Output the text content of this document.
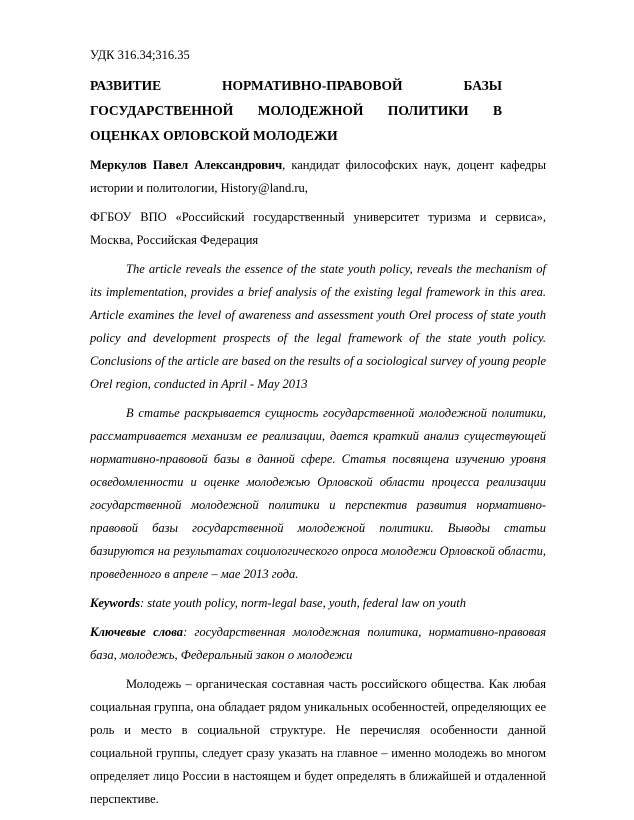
УДК 316.34;316.35

РАЗВИТИЕ НОРМАТИВНО-ПРАВОВОЙ БАЗЫ ГОСУДАРСТВЕННОЙ МОЛОДЕЖНОЙ ПОЛИТИКИ В ОЦЕНКАХ ОРЛОВСКОЙ МОЛОДЕЖИ

Меркулов Павел Александрович, кандидат философских наук, доцент кафедры истории и политологии, History@land.ru,

ФГБОУ ВПО «Российский государственный университет туризма и сервиса», Москва, Российская Федерация

The article reveals the essence of the state youth policy, reveals the mechanism of its implementation, provides a brief analysis of the existing legal framework in this area. Article examines the level of awareness and assessment youth Orel process of state youth policy and development prospects of the legal framework of the state youth policy. Conclusions of the article are based on the results of a sociological survey of young people Orel region, conducted in April - May 2013

В статье раскрывается сущность государственной молодежной политики, рассматривается механизм ее реализации, дается краткий анализ существующей нормативно-правовой базы в данной сфере. Статья посвящена изучению уровня осведомленности и оценке молодежью Орловской области процесса реализации государственной молодежной политики и перспектив развития нормативно-правовой базы государственной молодежной политики. Выводы статьи базируются на результатах социологического опроса молодежи Орловской области, проведенного в апреле – мае 2013 года.

Keywords: state youth policy, norm-legal base, youth, federal law on youth

Ключевые слова: государственная молодежная политика, нормативно-правовая база, молодежь, Федеральный закон о молодежи

Молодежь – органическая составная часть российского общества. Как любая социальная группа, она обладает рядом уникальных особенностей, определяющих ее роль и место в социальной структуре. Не перечисляя особенности данной социальной группы, следует сразу указать на главное – именно молодежь во многом определяет лицо России в настоящем и будет определять в ближайшей и отдаленной перспективе.
